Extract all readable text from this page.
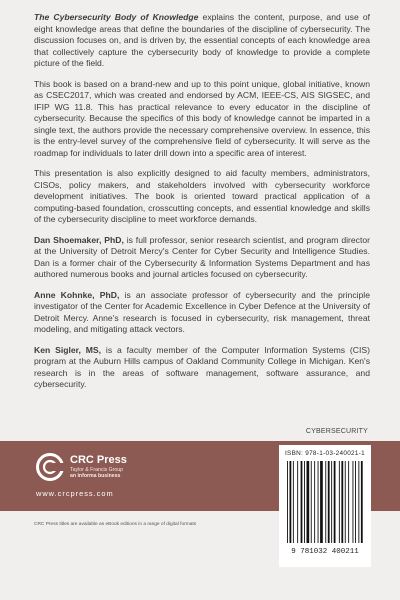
The Cybersecurity Body of Knowledge explains the content, purpose, and use of eight knowledge areas that define the boundaries of the discipline of cybersecurity. The discussion focuses on, and is driven by, the essential concepts of each knowledge area that collectively capture the cybersecurity body of knowledge to provide a complete picture of the field.

This book is based on a brand-new and up to this point unique, global initiative, known as CSEC2017, which was created and endorsed by ACM, IEEE-CS, AIS SIGSEC, and IFIP WG 11.8. This has practical relevance to every educator in the discipline of cybersecurity. Because the specifics of this body of knowledge cannot be imparted in a single text, the authors provide the necessary comprehensive overview. In essence, this is the entry-level survey of the comprehensive field of cybersecurity. It will serve as the roadmap for individuals to later drill down into a specific area of interest.

This presentation is also explicitly designed to aid faculty members, administrators, CISOs, policy makers, and stakeholders involved with cybersecurity workforce development initiatives. The book is oriented toward practical application of a computing-based foundation, crosscutting concepts, and essential knowledge and skills of the cybersecurity discipline to meet workforce demands.

Dan Shoemaker, PhD, is full professor, senior research scientist, and program director at the University of Detroit Mercy's Center for Cyber Security and Intelligence Studies. Dan is a former chair of the Cybersecurity & Information Systems Department and has authored numerous books and journal articles focused on cybersecurity.

Anne Kohnke, PhD, is an associate professor of cybersecurity and the principle investigator of the Center for Academic Excellence in Cyber Defence at the University of Detroit Mercy. Anne's research is focused in cybersecurity, risk management, threat modeling, and mitigating attack vectors.

Ken Sigler, MS, is a faculty member of the Computer Information Systems (CIS) program at the Auburn Hills campus of Oakland Community College in Michigan. Ken's research is in the areas of software management, software assurance, and cybersecurity.

CYBERSECURITY
CRC Press
Taylor & Francis Group
an informa business
www.crcpress.com
ISBN: 978-1-03-240021-1
9 781032 400211
CRC Press titles are available as eBook editions in a range of digital formats
